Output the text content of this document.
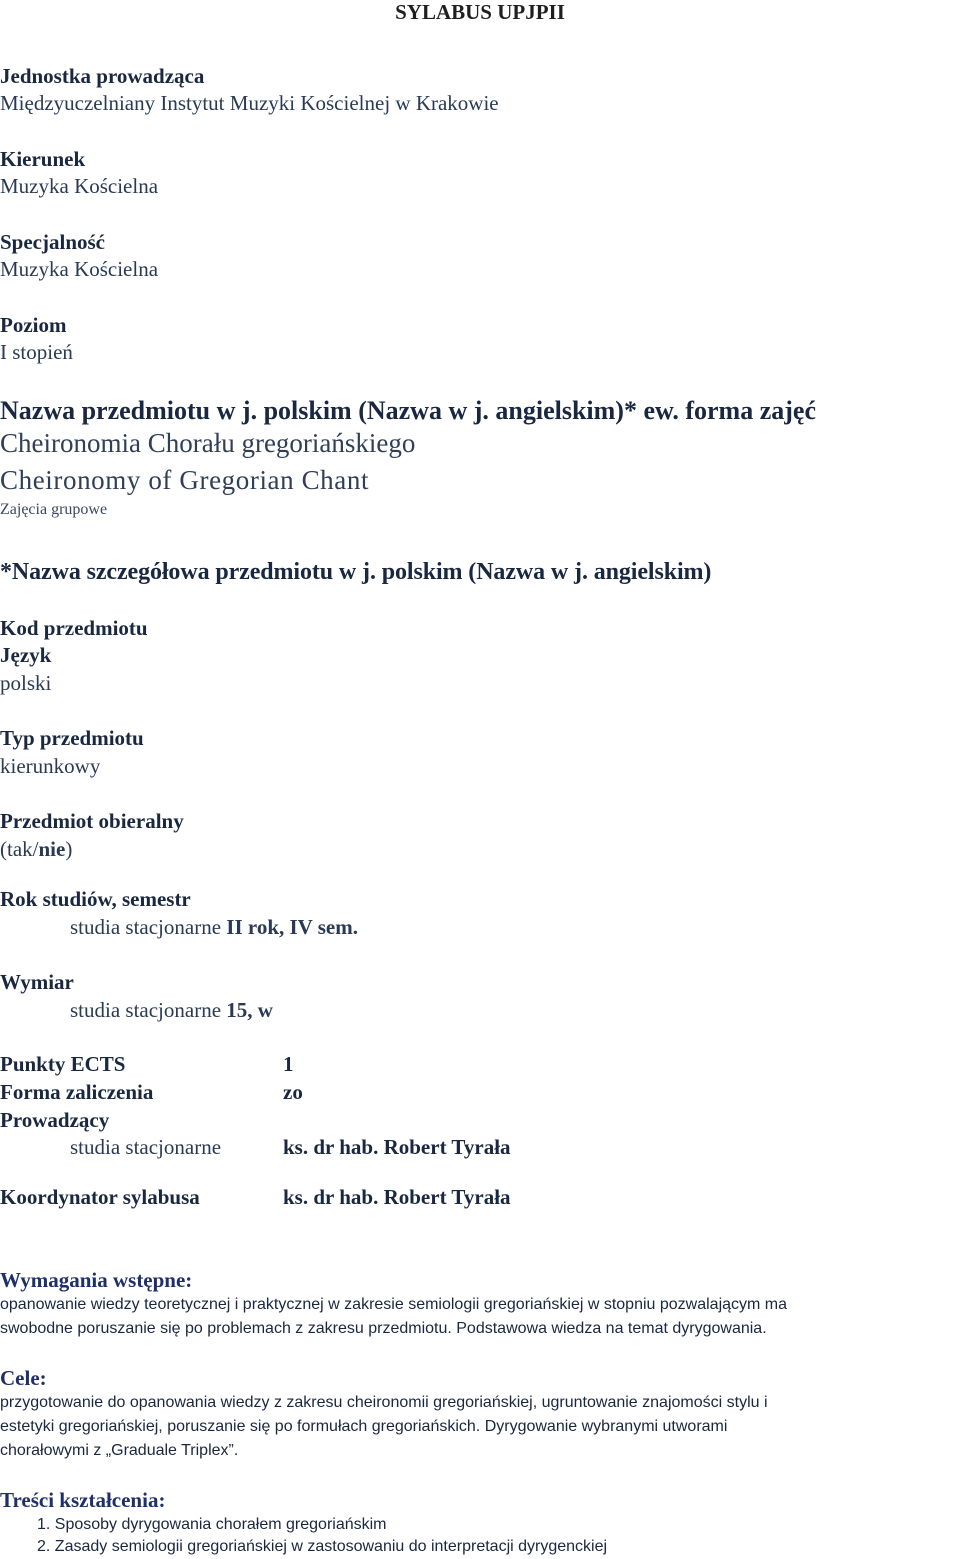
SYLABUS UPJPII
Jednostka prowadząca
Międzyuczelniany Instytut Muzyki Kościelnej w Krakowie
Kierunek
Muzyka Kościelna
Specjalność
Muzyka Kościelna
Poziom
I stopień
Nazwa przedmiotu w j. polskim (Nazwa w j. angielskim)* ew. forma zajęć
Cheironomia Chorału gregoriańskiego
Cheironomy of Gregorian Chant
Zajęcia grupowe
*Nazwa szczegółowa przedmiotu w j. polskim (Nazwa w j. angielskim)
Kod przedmiotu
Język
polski
Typ przedmiotu
kierunkowy
Przedmiot obieralny
(tak/nie)
Rok studiów, semestr
studia stacjonarne II rok, IV sem.
Wymiar
studia stacjonarne 15, w
Punkty ECTS	1
Forma zaliczenia	zo
Prowadzący
studia stacjonarne	ks. dr hab. Robert Tyrała
Koordynator sylabusa	ks. dr hab. Robert Tyrała
Wymagania wstępne:
opanowanie wiedzy teoretycznej i praktycznej w zakresie semiologii gregoriańskiej w stopniu pozwalającym ma
swobodne poruszanie się po problemach z zakresu przedmiotu. Podstawowa wiedza na temat dyrygowania.
Cele:
przygotowanie do opanowania wiedzy z zakresu cheironomii gregoriańskiej, ugruntowanie znajomości stylu i
estetyki gregoriańskiej, poruszanie się po formułach gregoriańskich. Dyrygowanie wybranymi utworami
chorałowymi z „Graduale Triplex”.
Treści kształcenia:
1. Sposoby dyrygowania chorałem gregoriańskim
2. Zasady semiologii gregoriańskiej w zastosowaniu do interpretacji dyrygenckiej
